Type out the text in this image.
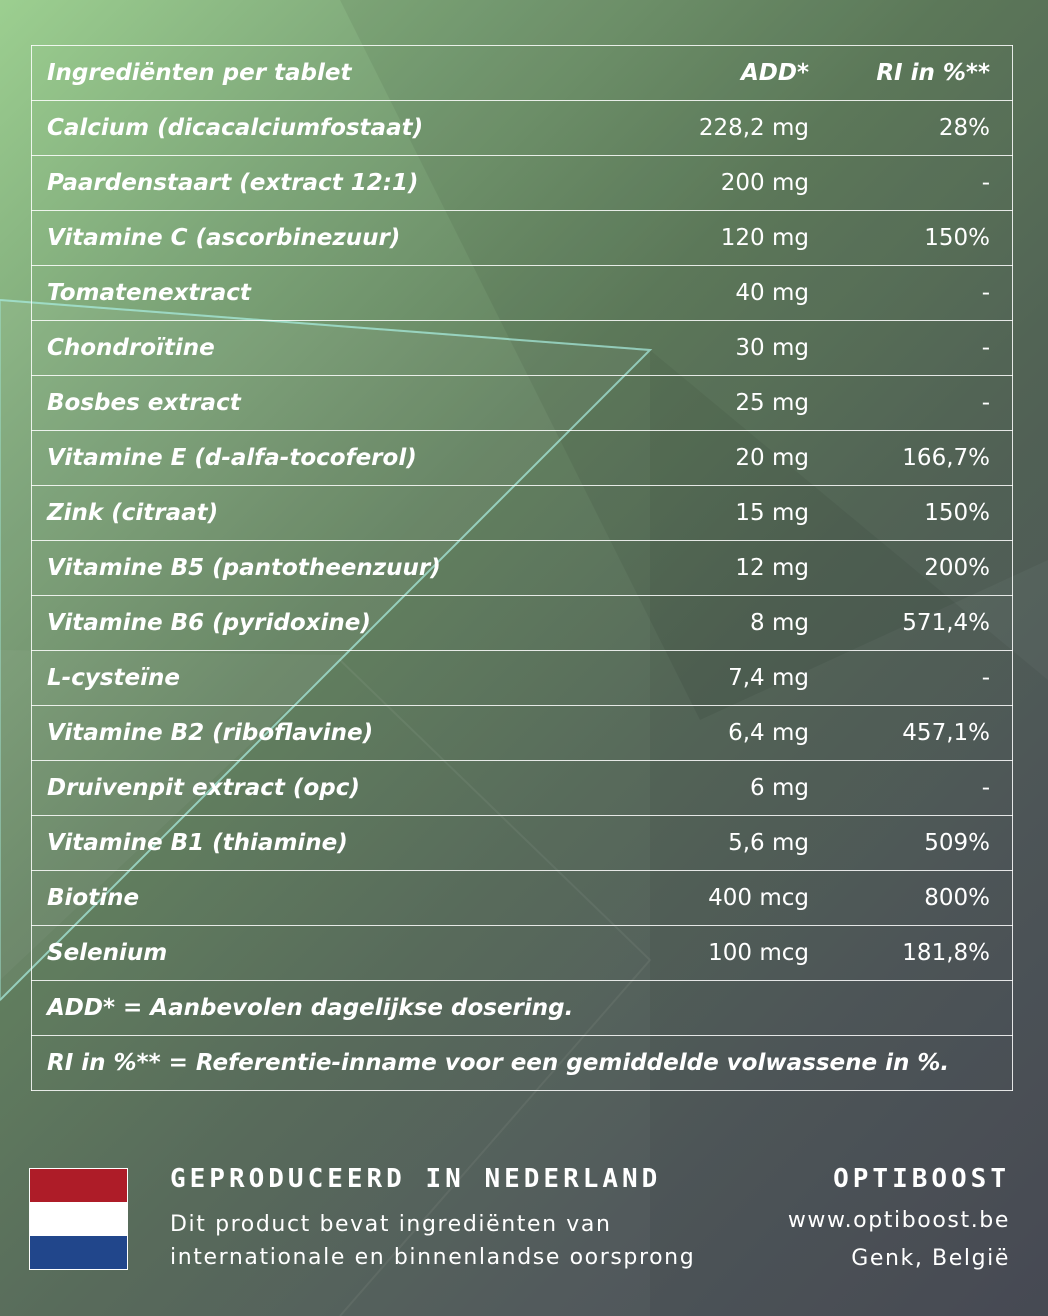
Ingrediënten per tablet	ADD*	RI in %**
Calcium (dicacalciumfostaat)	228,2 mg	28%
Paardenstaart (extract 12:1)	200 mg	-
Vitamine C (ascorbinezuur)	120 mg	150%
Tomatenextract	40 mg	-
Chondroïtine	30 mg	-
Bosbes extract	25 mg	-
Vitamine E (d-alfa-tocoferol)	20 mg	166,7%
Zink (citraat)	15 mg	150%
Vitamine B5 (pantotheenzuur)	12 mg	200%
Vitamine B6 (pyridoxine)	8 mg	571,4%
L-cysteïne	7,4 mg	-
Vitamine B2 (riboflavine)	6,4 mg	457,1%
Druivenpit extract (opc)	6 mg	-
Vitamine B1 (thiamine)	5,6 mg	509%
Biotine	400 mcg	800%
Selenium	100 mcg	181,8%
ADD* = Aanbevolen dagelijkse dosering.		
RI in %** = Referentie-inname voor een gemiddelde volwassene in %.		
GEPRODUCEERD IN NEDERLAND
Dit product bevat ingrediënten van
internationale en binnenlandse oorsprong
OPTIBOOST
www.optiboost.be
Genk, België
